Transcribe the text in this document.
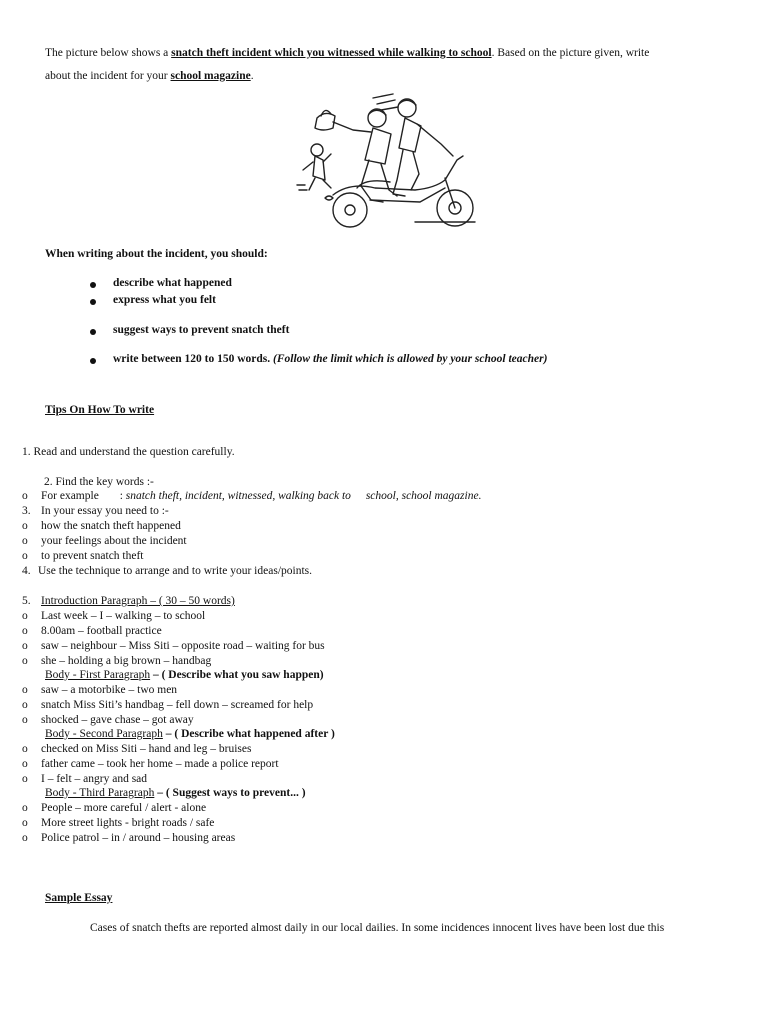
The picture below shows a snatch theft incident which you witnessed while walking to school. Based on the picture given, write
about the incident for your school magazine.
When writing about the incident, you should:
describe what happened
express what you felt
suggest ways to prevent snatch theft
write between 120 to 150 words. (Follow the limit which is allowed by your school teacher)
Tips On How To write
1. Read and understand the question carefully.
2. Find the key words :-
o For example : snatch theft, incident, witnessed, walking back to school, school magazine.
3. In your essay you need to :-
o how the snatch theft happened
o your feelings about the incident
o to prevent snatch theft
4. Use the technique to arrange and to write your ideas/points.
5. Introduction Paragraph – ( 30 – 50 words)
o Last week – I – walking – to school
o 8.00am – football practice
o saw – neighbour – Miss Siti – opposite road – waiting for bus
o she – holding a big brown – handbag
Body - First Paragraph – ( Describe what you saw happen)
o saw – a motorbike – two men
o snatch Miss Siti’s handbag – fell down – screamed for help
o shocked – gave chase – got away
Body - Second Paragraph – ( Describe what happened after )
o checked on Miss Siti – hand and leg – bruises
o father came – took her home – made a police report
o I – felt – angry and sad
Body - Third Paragraph – ( Suggest ways to prevent... )
o People – more careful / alert - alone
o More street lights - bright roads / safe
o Police patrol – in / around – housing areas
Sample Essay
Cases of snatch thefts are reported almost daily in our local dailies. In some incidences innocent lives have been lost due this
